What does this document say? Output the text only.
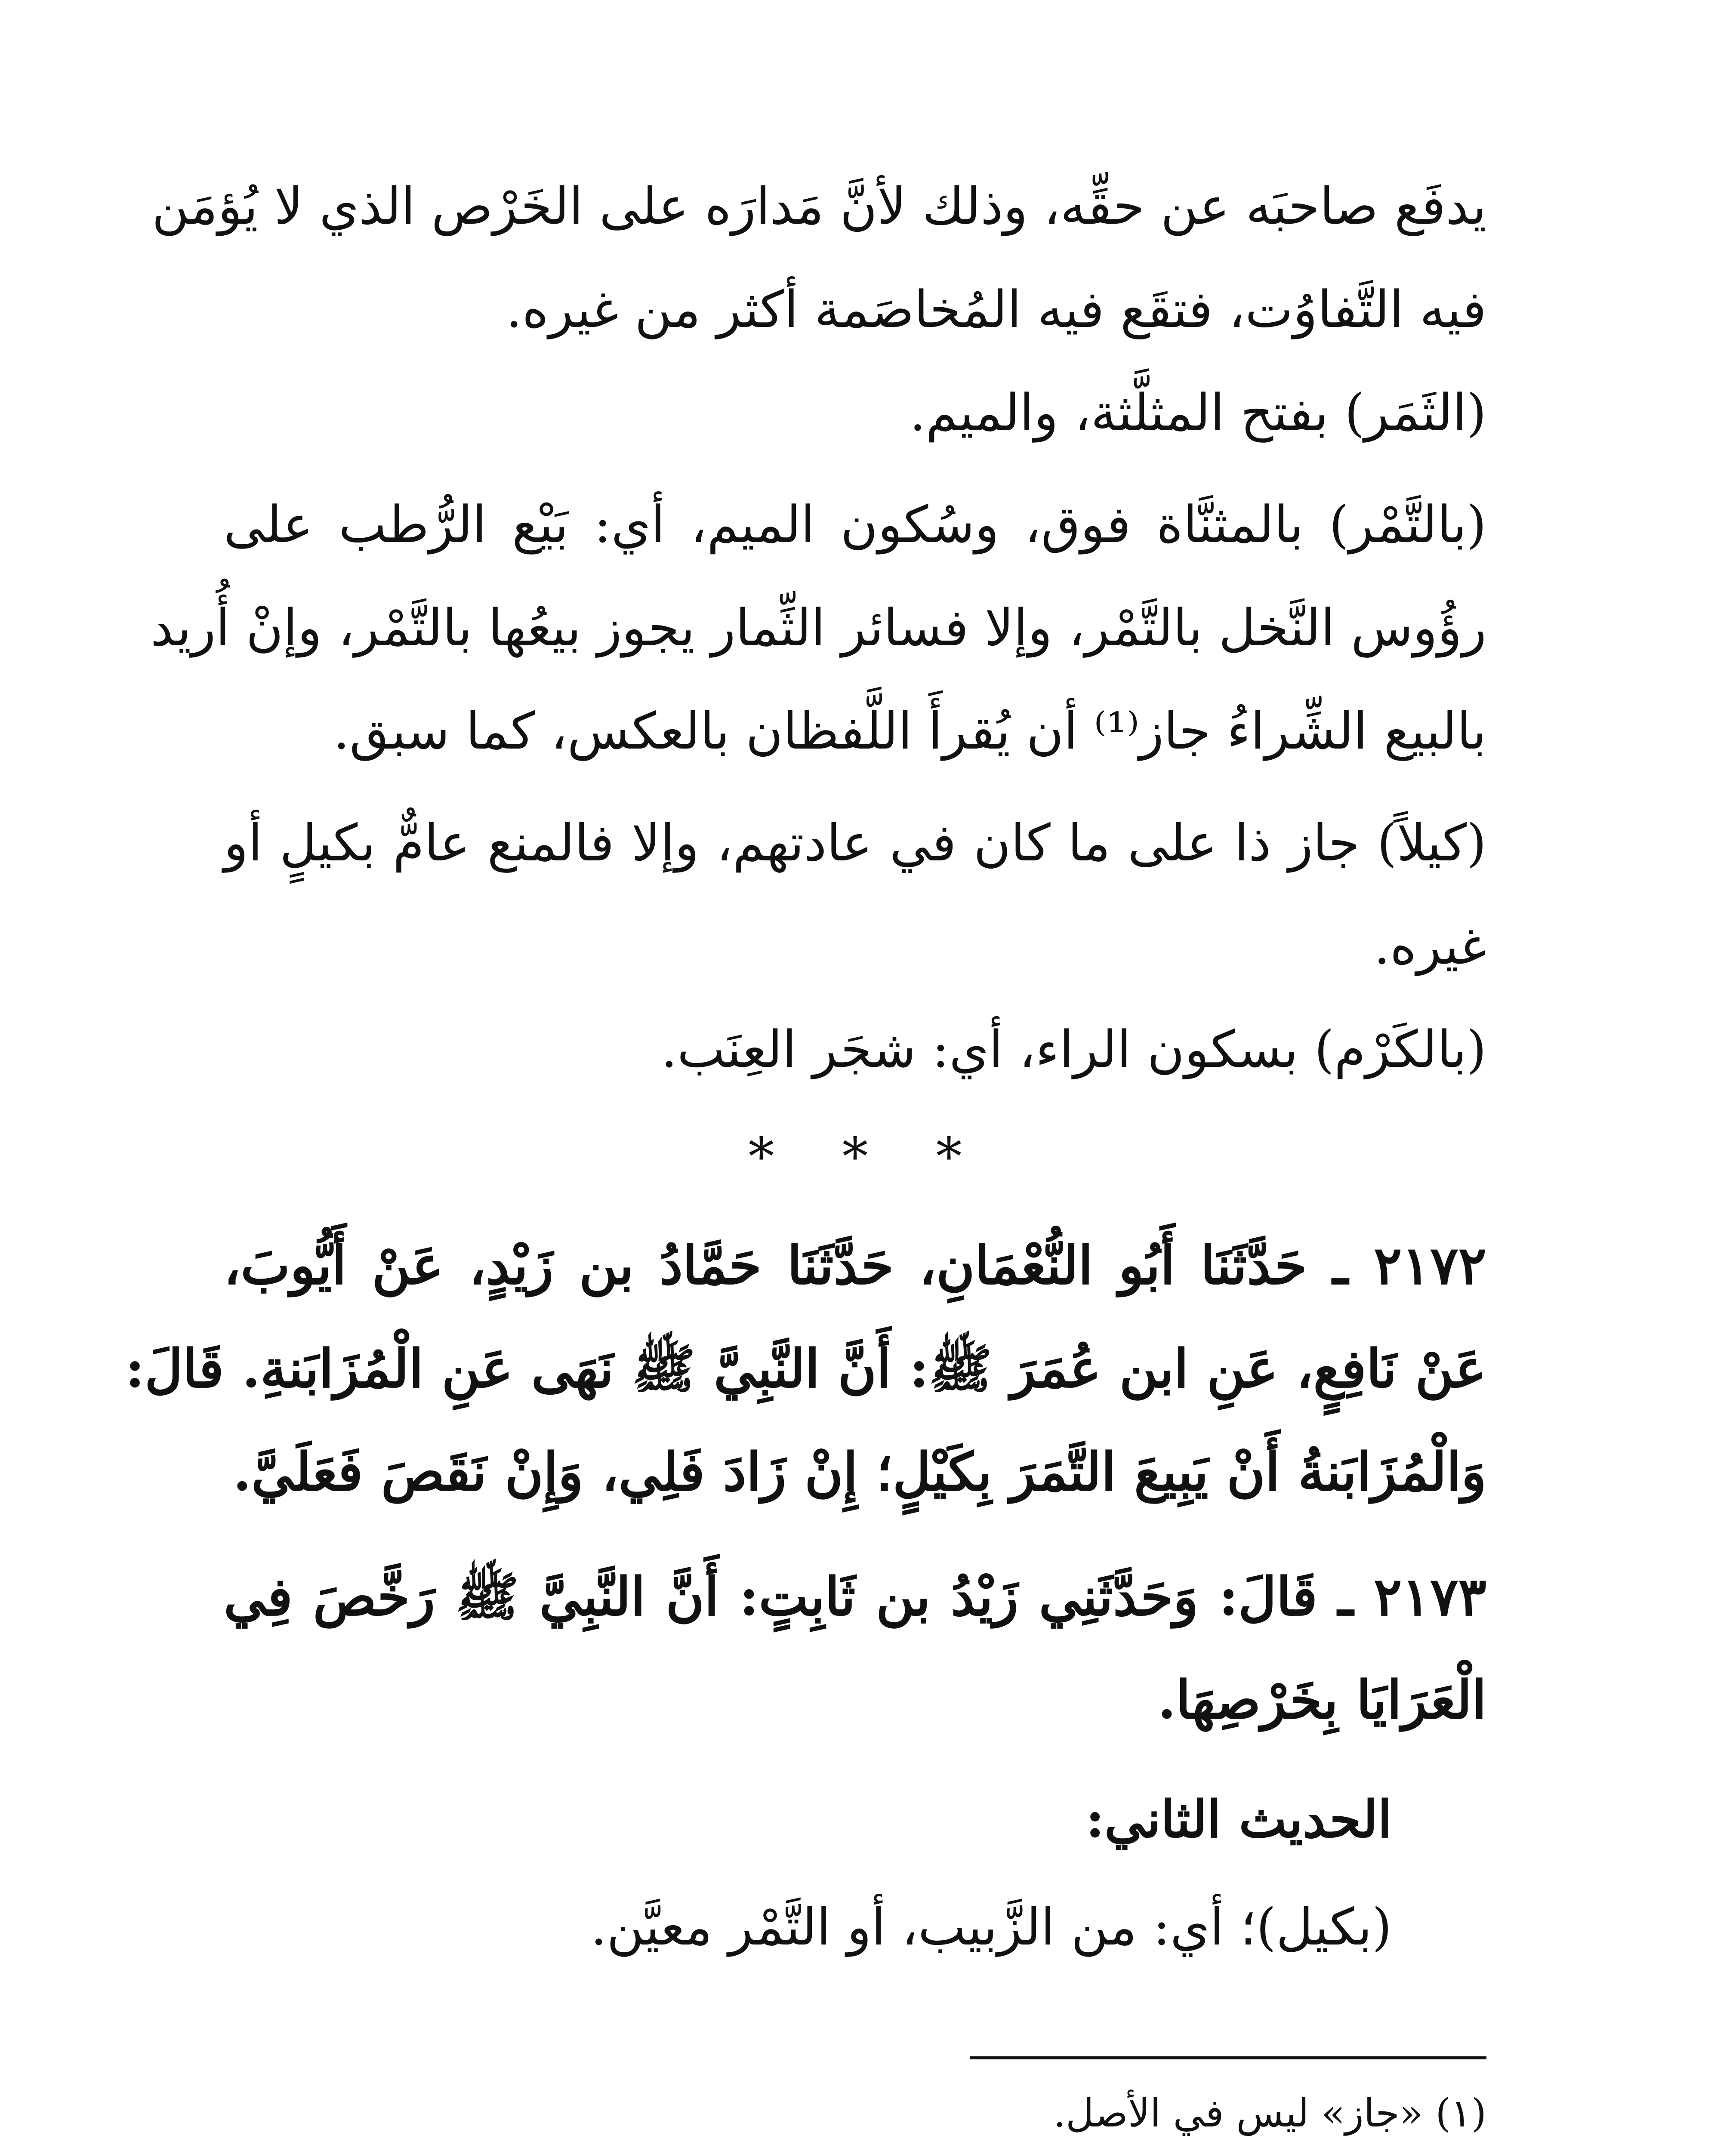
يدفَع صاحبَه عن حقِّه، وذلك لأنَّ مَدارَه على الخَرْص الذي لا يُؤمَن
فيه التَّفاوُت، فتقَع فيه المُخاصَمة أكثر من غيره.
(الثَمَر) بفتح المثلَّثة، والميم.
(بالتَّمْر) بالمثنَّاة فوق، وسُكون الميم، أي: بَيْع الرُّطب على
رؤُوس النَّخل بالتَّمْر، وإلا فسائر الثِّمار يجوز بيعُها بالتَّمْر، وإنْ أُريد
بالبيع الشِّراءُ جاز⁽¹⁾ أن يُقرأَ اللَّفظان بالعكس، كما سبق.
(كيلاً) جاز ذا على ما كان في عادتهم، وإلا فالمنع عامٌّ بكيلٍ أو
غيره.
(بالكَرْم) بسكون الراء، أي: شجَر العِنَب.
* * *
٢١٧٢ ـ حَدَّثَنَا أَبُو النُّعْمَانِ، حَدَّثَنَا حَمَّادُ بن زَيْدٍ، عَنْ أَيُّوبَ،
عَنْ نَافِعٍ، عَنِ ابن عُمَرَ ﷺ: أَنَّ النَّبِيَّ ﷺ نَهَى عَنِ الْمُزَابَنةِ. قَالَ:
وَالْمُزَابَنةُ أَنْ يَبِيعَ التَّمَرَ بِكَيْلٍ؛ إِنْ زَادَ فَلِي، وَإِنْ نَقَصَ فَعَلَيَّ.
٢١٧٣ ـ قَالَ: وَحَدَّثَنِي زَيْدُ بن ثَابِتٍ: أَنَّ النَّبِيَّ ﷺ رَخَّصَ فِي
الْعَرَايَا بِخَرْصِهَا.
الحديث الثاني:
(بكيل)؛ أي: من الزَّبيب، أو التَّمْر معيَّن.
(١) «جاز» ليس في الأصل.
